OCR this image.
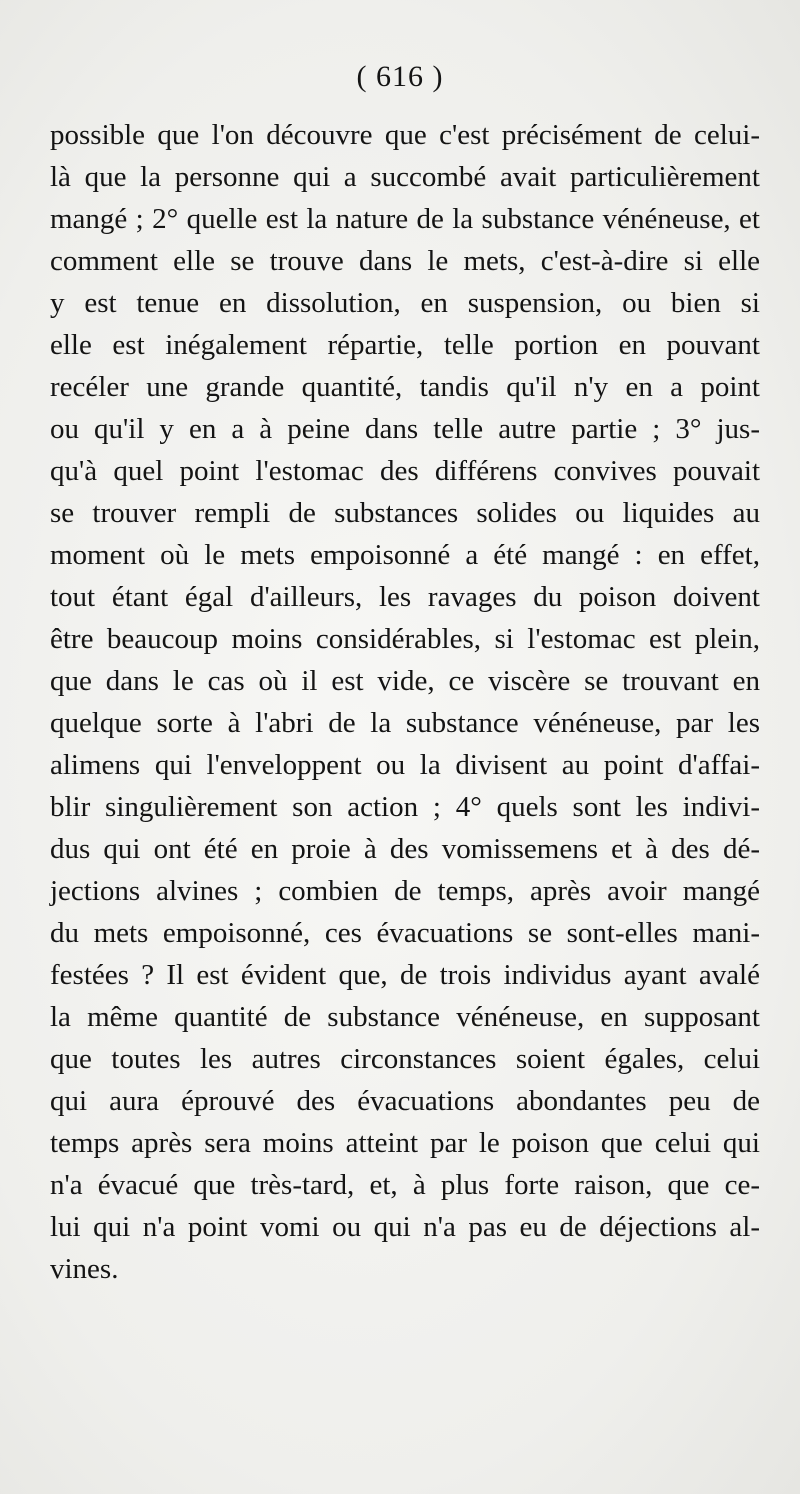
( 616 )
possible que l'on découvre que c'est précisément de celui-
là que la personne qui a succombé avait particulièrement
mangé ; 2° quelle est la nature de la substance vénéneuse, et
comment elle se trouve dans le mets, c'est-à-dire si elle
y est tenue en dissolution, en suspension, ou bien si
elle est inégalement répartie, telle portion en pouvant
recéler une grande quantité, tandis qu'il n'y en a point
ou qu'il y en a à peine dans telle autre partie ; 3° jus-
qu'à quel point l'estomac des différens convives pouvait
se trouver rempli de substances solides ou liquides au
moment où le mets empoisonné a été mangé : en effet,
tout étant égal d'ailleurs, les ravages du poison doivent
être beaucoup moins considérables, si l'estomac est plein,
que dans le cas où il est vide, ce viscère se trouvant en
quelque sorte à l'abri de la substance vénéneuse, par les
alimens qui l'enveloppent ou la divisent au point d'affai-
blir singulièrement son action ; 4° quels sont les indivi-
dus qui ont été en proie à des vomissemens et à des dé-
jections alvines ; combien de temps, après avoir mangé
du mets empoisonné, ces évacuations se sont-elles mani-
festées ? Il est évident que, de trois individus ayant avalé
la même quantité de substance vénéneuse, en supposant
que toutes les autres circonstances soient égales, celui
qui aura éprouvé des évacuations abondantes peu de
temps après sera moins atteint par le poison que celui qui
n'a évacué que très-tard, et, à plus forte raison, que ce-
lui qui n'a point vomi ou qui n'a pas eu de déjections al-
vines.
